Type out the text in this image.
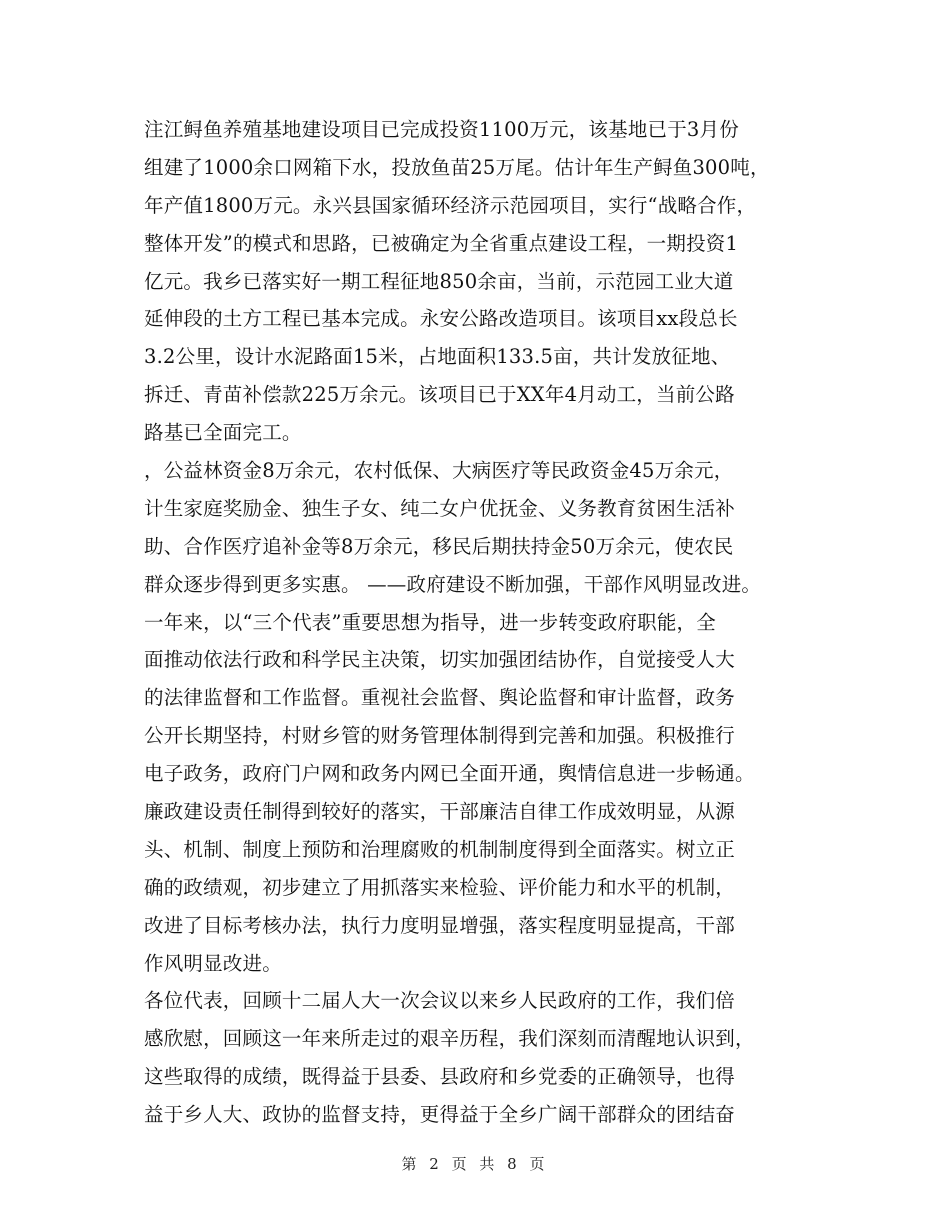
注江鲟鱼养殖基地建设项目已完成投资1100万元，该基地已于3月份
组建了1000余口网箱下水，投放鱼苗25万尾。估计年生产鲟鱼300吨，
年产值1800万元。永兴县国家循环经济示范园项目，实行“战略合作，
整体开发”的模式和思路，已被确定为全省重点建设工程，一期投资1
亿元。我乡已落实好一期工程征地850余亩，当前，示范园工业大道
延伸段的土方工程已基本完成。永安公路改造项目。该项目xx段总长
3.2公里，设计水泥路面15米，占地面积133.5亩，共计发放征地、
拆迁、青苗补偿款225万余元。该项目已于XX年4月动工，当前公路
路基已全面完工。
，公益林资金8万余元，农村低保、大病医疗等民政资金45万余元，
计生家庭奖励金、独生子女、纯二女户优抚金、义务教育贫困生活补
助、合作医疗追补金等8万余元，移民后期扶持金50万余元，使农民
群众逐步得到更多实惠。 ——政府建设不断加强，干部作风明显改进。
一年来，以“三个代表”重要思想为指导，进一步转变政府职能，全
面推动依法行政和科学民主决策，切实加强团结协作，自觉接受人大
的法律监督和工作监督。重视社会监督、舆论监督和审计监督，政务
公开长期坚持，村财乡管的财务管理体制得到完善和加强。积极推行
电子政务，政府门户网和政务内网已全面开通，舆情信息进一步畅通。
廉政建设责任制得到较好的落实，干部廉洁自律工作成效明显，从源
头、机制、制度上预防和治理腐败的机制制度得到全面落实。树立正
确的政绩观，初步建立了用抓落实来检验、评价能力和水平的机制，
改进了目标考核办法，执行力度明显增强，落实程度明显提高，干部
作风明显改进。
各位代表，回顾十二届人大一次会议以来乡人民政府的工作，我们倍
感欣慰，回顾这一年来所走过的艰辛历程，我们深刻而清醒地认识到，
这些取得的成绩，既得益于县委、县政府和乡党委的正确领导，也得
益于乡人大、政协的监督支持，更得益于全乡广阔干部群众的团结奋
第 2 页 共 8 页
